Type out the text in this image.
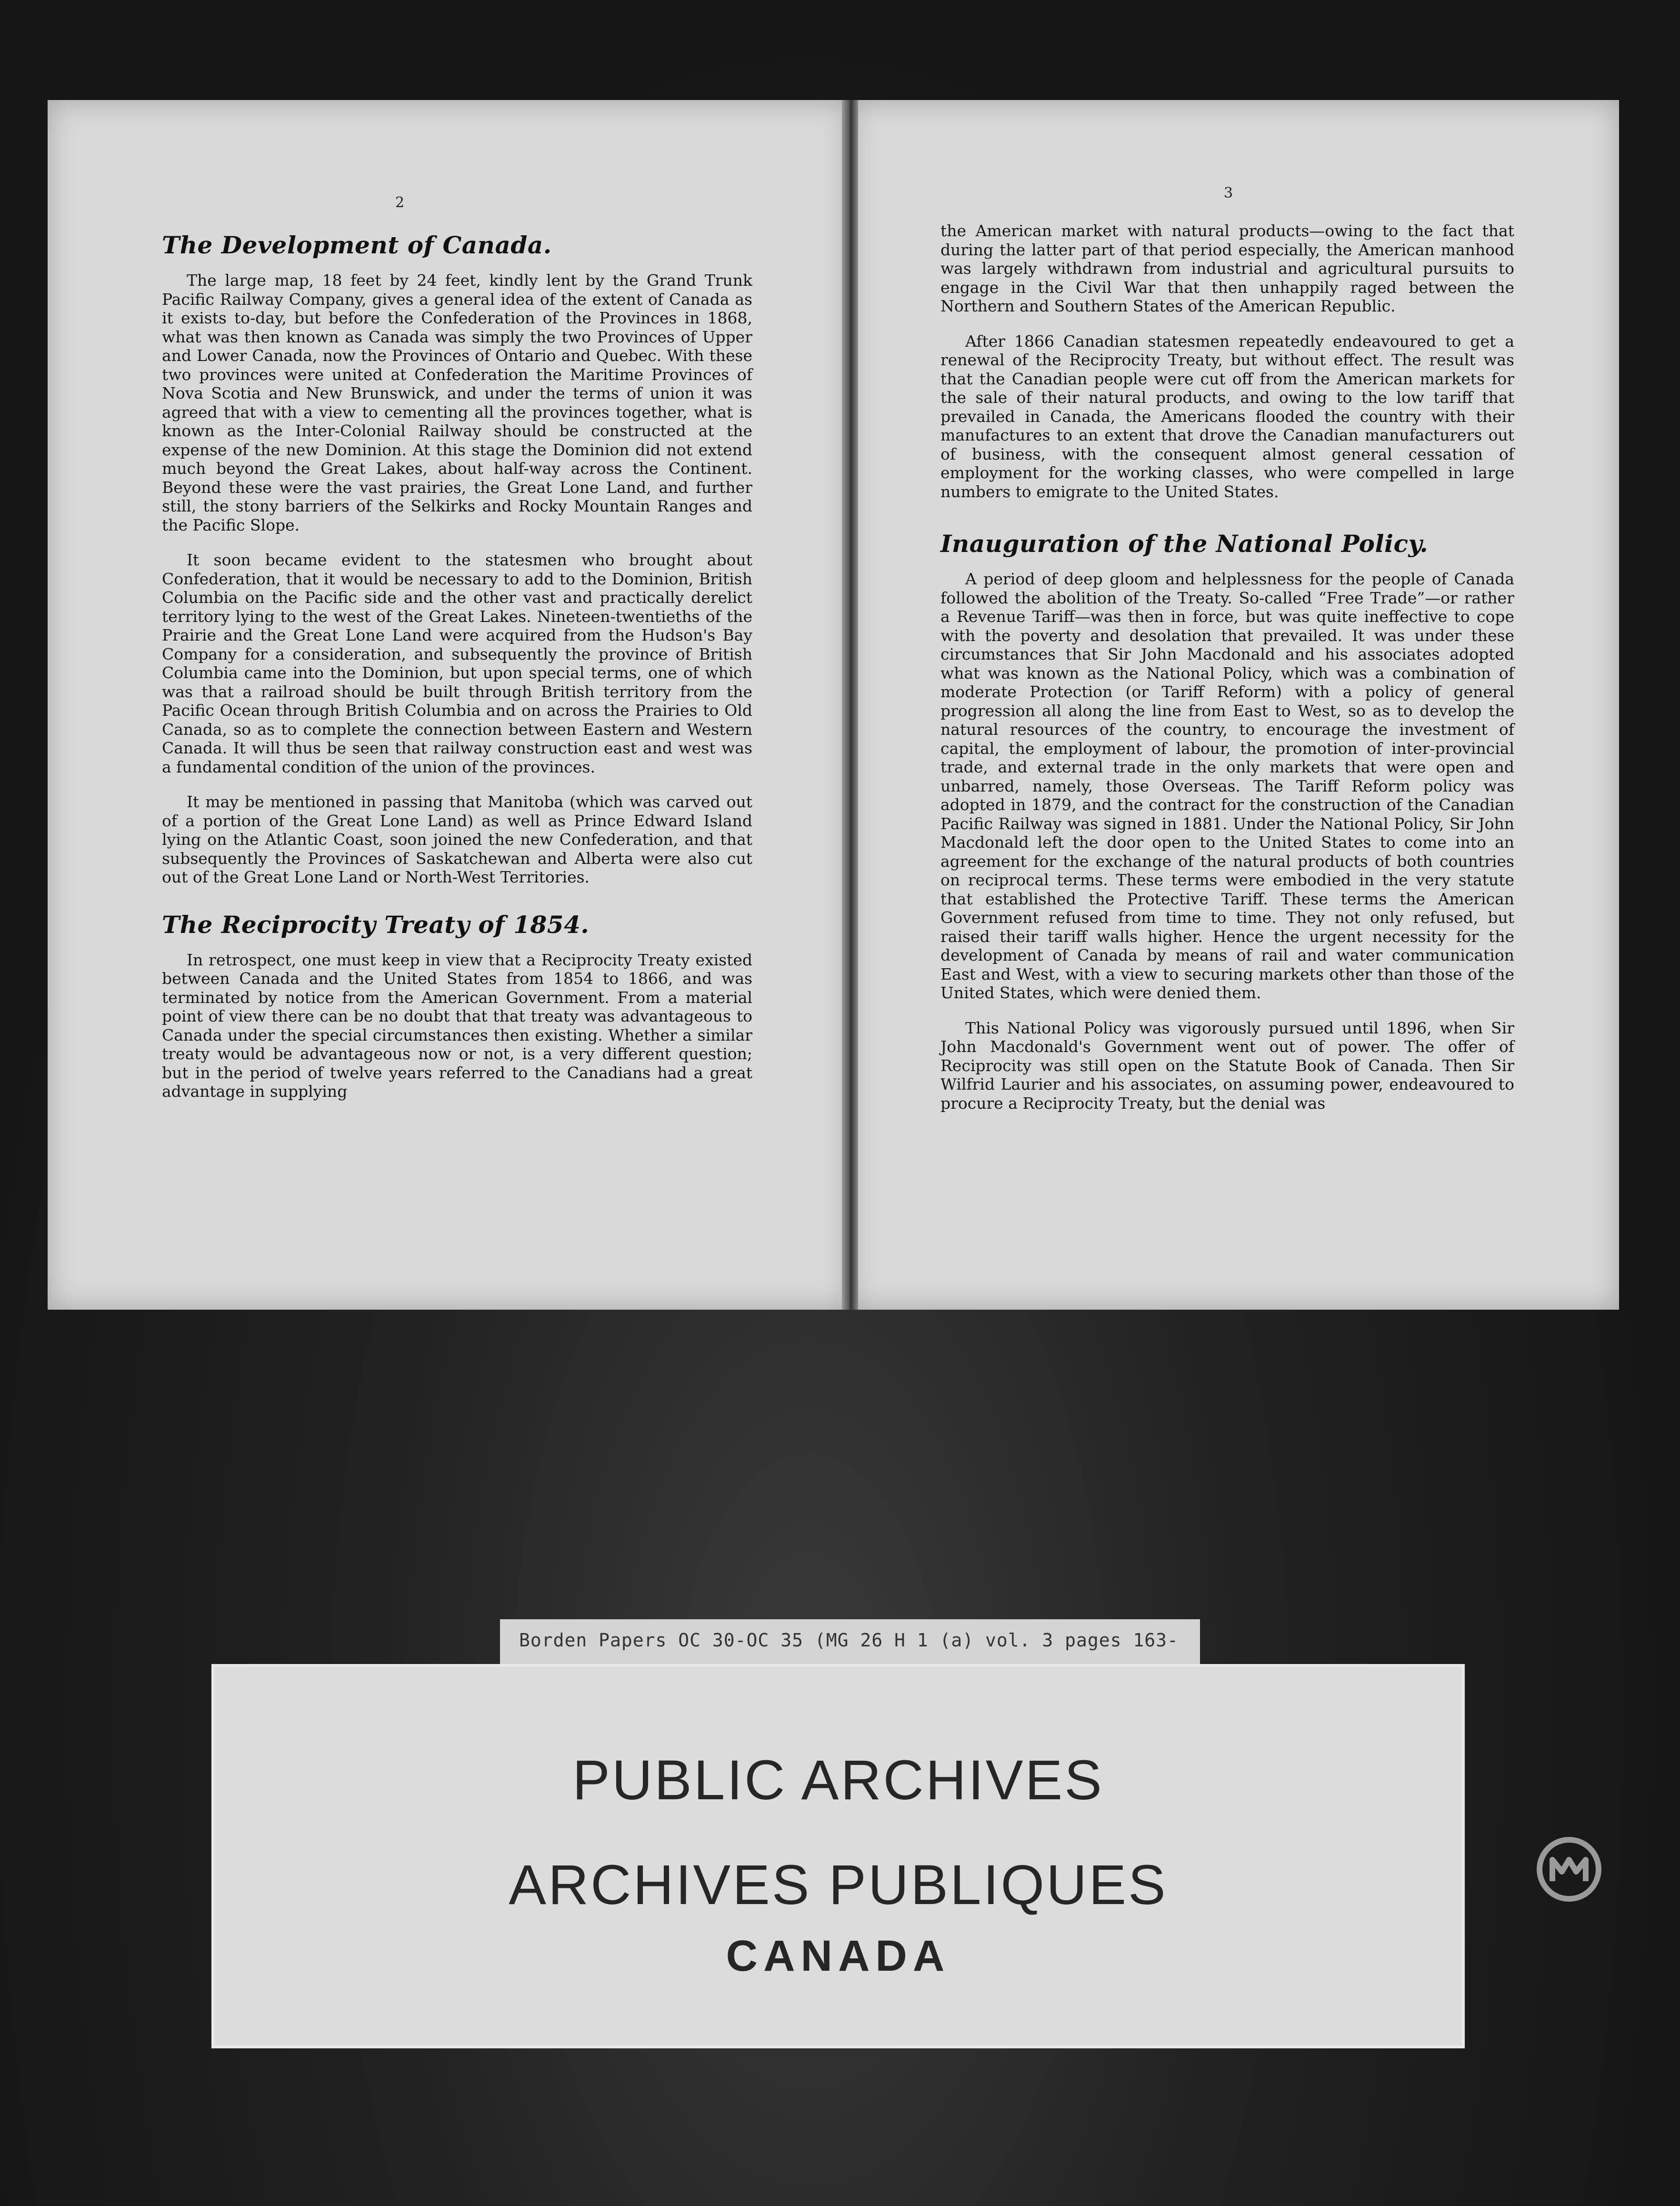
2
3
The Development of Canada.

The large map, 18 feet by 24 feet, kindly lent by the Grand Trunk Pacific Railway Company, gives a general idea of the extent of Canada as it exists to-day, but before the Confederation of the Provinces in 1868, what was then known as Canada was simply the two Provinces of Upper and Lower Canada, now the Provinces of Ontario and Quebec. With these two provinces were united at Confederation the Maritime Provinces of Nova Scotia and New Brunswick, and under the terms of union it was agreed that with a view to cementing all the provinces together, what is known as the Inter-Colonial Railway should be constructed at the expense of the new Dominion. At this stage the Dominion did not extend much beyond the Great Lakes, about half-way across the Continent. Beyond these were the vast prairies, the Great Lone Land, and further still, the stony barriers of the Selkirks and Rocky Mountain Ranges and the Pacific Slope.

It soon became evident to the statesmen who brought about Confederation, that it would be necessary to add to the Dominion, British Columbia on the Pacific side and the other vast and practically derelict territory lying to the west of the Great Lakes. Nineteen-twentieths of the Prairie and the Great Lone Land were acquired from the Hudson's Bay Company for a consideration, and subsequently the province of British Columbia came into the Dominion, but upon special terms, one of which was that a railroad should be built through British territory from the Pacific Ocean through British Columbia and on across the Prairies to Old Canada, so as to complete the connection between Eastern and Western Canada. It will thus be seen that railway construction east and west was a fundamental condition of the union of the provinces.

It may be mentioned in passing that Manitoba (which was carved out of a portion of the Great Lone Land) as well as Prince Edward Island lying on the Atlantic Coast, soon joined the new Confederation, and that subsequently the Provinces of Saskatchewan and Alberta were also cut out of the Great Lone Land or North-West Territories.

The Reciprocity Treaty of 1854.

In retrospect, one must keep in view that a Reciprocity Treaty existed between Canada and the United States from 1854 to 1866, and was terminated by notice from the American Government. From a material point of view there can be no doubt that that treaty was advantageous to Canada under the special circumstances then existing. Whether a similar treaty would be advantageous now or not, is a very different question; but in the period of twelve years referred to the Canadians had a great advantage in supplying

the American market with natural products—owing to the fact that during the latter part of that period especially, the American manhood was largely withdrawn from industrial and agricultural pursuits to engage in the Civil War that then unhappily raged between the Northern and Southern States of the American Republic.

After 1866 Canadian statesmen repeatedly endeavoured to get a renewal of the Reciprocity Treaty, but without effect. The result was that the Canadian people were cut off from the American markets for the sale of their natural products, and owing to the low tariff that prevailed in Canada, the Americans flooded the country with their manufactures to an extent that drove the Canadian manufacturers out of business, with the consequent almost general cessation of employment for the working classes, who were compelled in large numbers to emigrate to the United States.

Inauguration of the National Policy.

A period of deep gloom and helplessness for the people of Canada followed the abolition of the Treaty. So-called “Free Trade”—or rather a Revenue Tariff—was then in force, but was quite ineffective to cope with the poverty and desolation that prevailed. It was under these circumstances that Sir John Macdonald and his associates adopted what was known as the National Policy, which was a combination of moderate Protection (or Tariff Reform) with a policy of general progression all along the line from East to West, so as to develop the natural resources of the country, to encourage the investment of capital, the employment of labour, the promotion of inter-provincial trade, and external trade in the only markets that were open and unbarred, namely, those Overseas. The Tariff Reform policy was adopted in 1879, and the contract for the construction of the Canadian Pacific Railway was signed in 1881. Under the National Policy, Sir John Macdonald left the door open to the United States to come into an agreement for the exchange of the natural products of both countries on reciprocal terms. These terms were embodied in the very statute that established the Protective Tariff. These terms the American Government refused from time to time. They not only refused, but raised their tariff walls higher. Hence the urgent necessity for the development of Canada by means of rail and water communication East and West, with a view to securing markets other than those of the United States, which were denied them.

This National Policy was vigorously pursued until 1896, when Sir John Macdonald's Government went out of power. The offer of Reciprocity was still open on the Statute Book of Canada. Then Sir Wilfrid Laurier and his associates, on assuming power, endeavoured to procure a Reciprocity Treaty, but the denial was

Borden Papers OC 30-OC 35 (MG 26 H 1 (a) vol. 3 pages 163-
PUBLIC ARCHIVES
ARCHIVES PUBLIQUES
CANADA
